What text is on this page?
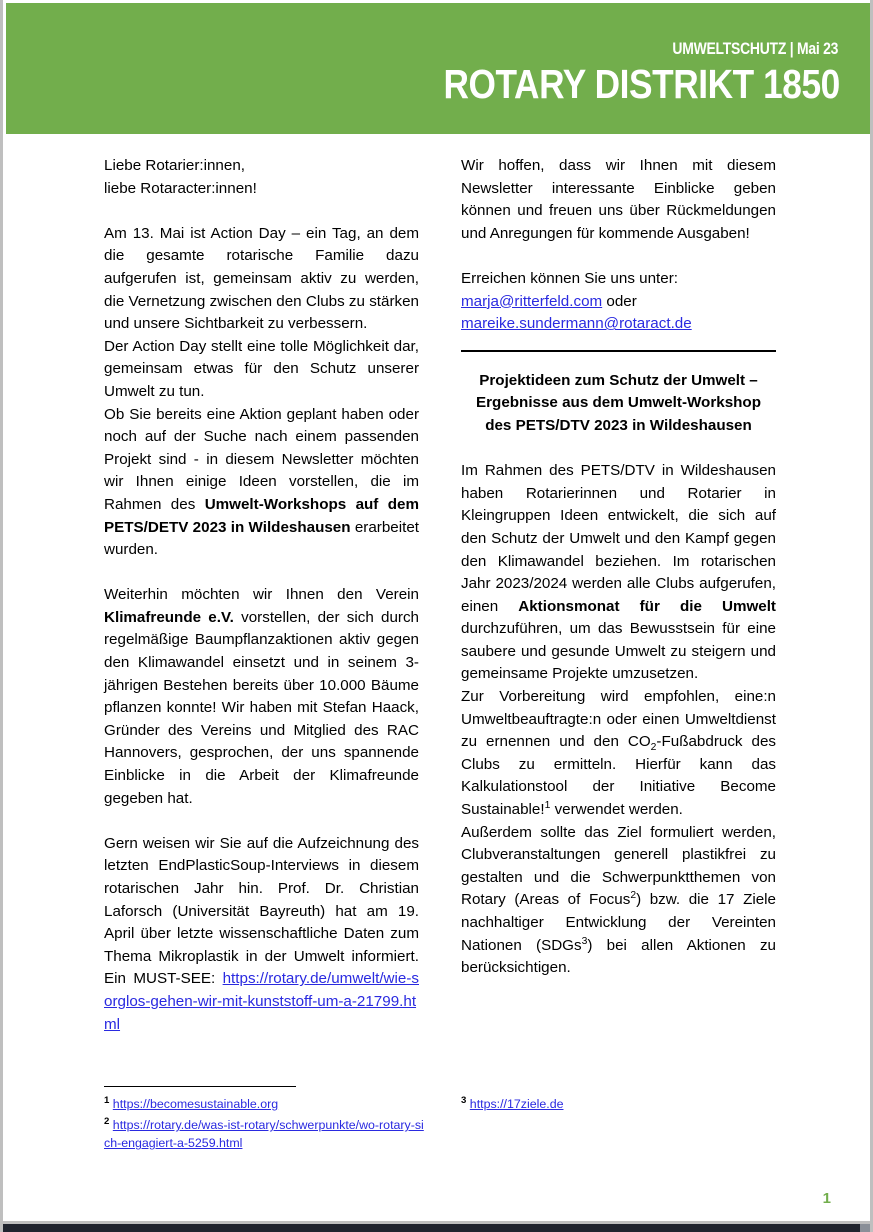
UMWELTSCHUTZ | Mai 23
ROTARY DISTRIKT 1850

Liebe Rotarier:innen,
liebe Rotaracter:innen!

Am 13. Mai ist Action Day – ein Tag, an dem die gesamte rotarische Familie dazu aufgerufen ist, gemeinsam aktiv zu werden, die Vernetzung zwischen den Clubs zu stärken und unsere Sichtbarkeit zu verbessern.

Der Action Day stellt eine tolle Möglichkeit dar, gemeinsam etwas für den Schutz unserer Umwelt zu tun.

Ob Sie bereits eine Aktion geplant haben oder noch auf der Suche nach einem passenden Projekt sind - in diesem Newsletter möchten wir Ihnen einige Ideen vorstellen, die im Rahmen des Umwelt-Workshops auf dem PETS/DETV 2023 in Wildeshausen erarbeitet wurden.

Weiterhin möchten wir Ihnen den Verein Klimafreunde e.V. vorstellen, der sich durch regelmäßige Baumpflanzaktionen aktiv gegen den Klimawandel einsetzt und in seinem 3-jährigen Bestehen bereits über 10.000 Bäume pflanzen konnte! Wir haben mit Stefan Haack, Gründer des Vereins und Mitglied des RAC Hannovers, gesprochen, der uns spannende Einblicke in die Arbeit der Klimafreunde gegeben hat.

Gern weisen wir Sie auf die Aufzeichnung des letzten EndPlasticSoup-Interviews in diesem rotarischen Jahr hin. Prof. Dr. Christian Laforsch (Universität Bayreuth) hat am 19. April über letzte wissenschaftliche Daten zum Thema Mikroplastik in der Umwelt informiert. Ein MUST-SEE: https://rotary.de/umwelt/wie-sorglos-gehen-wir-mit-kunststoff-um-a-21799.html

Wir hoffen, dass wir Ihnen mit diesem Newsletter interessante Einblicke geben können und freuen uns über Rückmeldungen und Anregungen für kommende Ausgaben!

Erreichen können Sie uns unter:
marja@ritterfeld.com oder
mareike.sundermann@rotaract.de

Projektideen zum Schutz der Umwelt –
Ergebnisse aus dem Umwelt-Workshop
des PETS/DTV 2023 in Wildeshausen

Im Rahmen des PETS/DTV in Wildeshausen haben Rotarierinnen und Rotarier in Kleingruppen Ideen entwickelt, die sich auf den Schutz der Umwelt und den Kampf gegen den Klimawandel beziehen. Im rotarischen Jahr 2023/2024 werden alle Clubs aufgerufen, einen Aktionsmonat für die Umwelt durchzuführen, um das Bewusstsein für eine saubere und gesunde Umwelt zu steigern und gemeinsame Projekte umzusetzen.

Zur Vorbereitung wird empfohlen, eine:n Umweltbeauftragte:n oder einen Umweltdienst zu ernennen und den $CO_2$-Fußabdruck des Clubs zu ermitteln. Hierfür kann das Kalkulationstool der Initiative Become Sustainable!$^1$ verwendet werden.

Außerdem sollte das Ziel formuliert werden, Clubveranstaltungen generell plastikfrei zu gestalten und die Schwerpunktthemen von Rotary (Areas of Focus$^2$) bzw. die 17 Ziele nachhaltiger Entwicklung der Vereinten Nationen (SDGs$^3$) bei allen Aktionen zu berücksichtigen.

$^1$ https://becomesustainable.org

$^2$ https://rotary.de/was-ist-rotary/schwerpunkte/wo-rotary-sich-engagiert-a-5259.html

$^3$ https://17ziele.de

1
